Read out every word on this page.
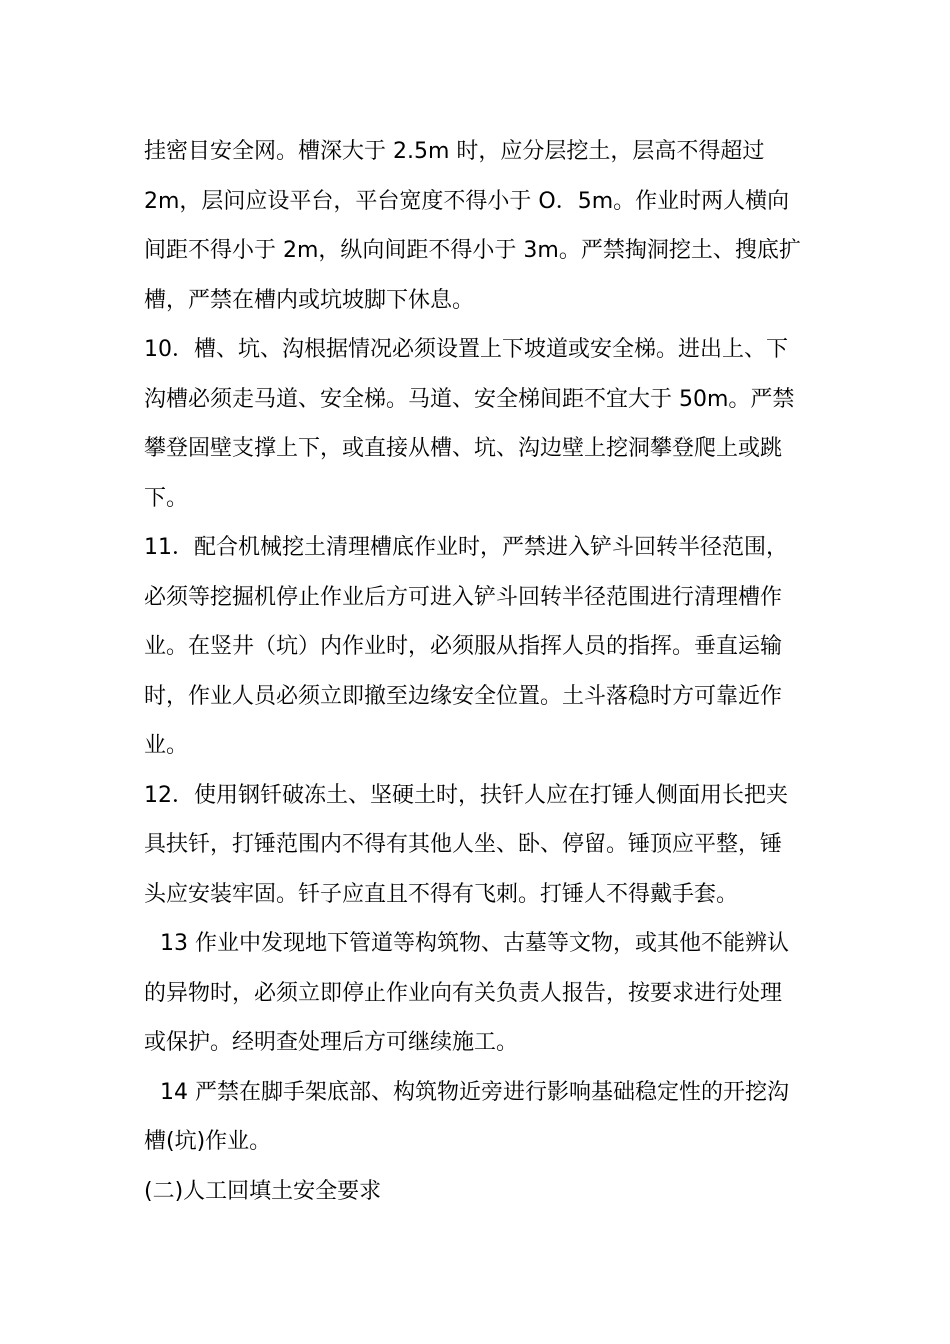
挂密目安全网。槽深大于 2.5m 时，应分层挖土，层高不得超过
2m，层问应设平台，平台宽度不得小于 O．5m。作业时两人横向
间距不得小于 2m，纵向间距不得小于 3m。严禁掏洞挖土、搜底扩
槽，严禁在槽内或坑坡脚下休息。
10．槽、坑、沟根据情况必须设置上下坡道或安全梯。进出上、下
沟槽必须走马道、安全梯。马道、安全梯间距不宜大于 50m。严禁
攀登固壁支撑上下，或直接从槽、坑、沟边壁上挖洞攀登爬上或跳
下。
11．配合机械挖土清理槽底作业时，严禁进入铲斗回转半径范围，
必须等挖掘机停止作业后方可进入铲斗回转半径范围进行清理槽作
业。在竖井（坑）内作业时，必须服从指挥人员的指挥。垂直运输
时，作业人员必须立即撤至边缘安全位置。土斗落稳时方可靠近作
业。
12．使用钢钎破冻土、坚硬土时，扶钎人应在打锤人侧面用长把夹
具扶钎，打锤范围内不得有其他人坐、卧、停留。锤顶应平整，锤
头应安装牢固。钎子应直且不得有飞刺。打锤人不得戴手套。
13 作业中发现地下管道等构筑物、古墓等文物，或其他不能辨认
的异物时，必须立即停止作业向有关负责人报告，按要求进行处理
或保护。经明查处理后方可继续施工。
14 严禁在脚手架底部、构筑物近旁进行影响基础稳定性的开挖沟
槽(坑)作业。
(二)人工回填土安全要求
